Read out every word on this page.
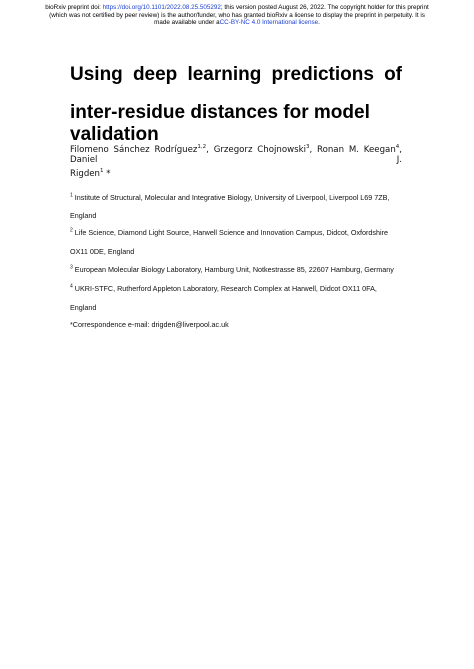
bioRxiv preprint doi: https://doi.org/10.1101/2022.08.25.505292; this version posted August 26, 2022. The copyright holder for this preprint
(which was not certified by peer review) is the author/funder, who has granted bioRxiv a license to display the preprint in perpetuity. It is
made available under aCC-BY-NC 4.0 International license.
Using deep learning predictions of
inter-residue distances for model validation
Filomeno Sánchez Rodríguez$^{1,2}$, Grzegorz Chojnowski$^3$, Ronan M. Keegan$^4$, Daniel J.
Rigden$^1$ *
$^1$ Institute of Structural, Molecular and Integrative Biology, University of Liverpool, Liverpool L69 7ZB,
England
$^2$ Life Science, Diamond Light Source, Harwell Science and Innovation Campus, Didcot, Oxfordshire
OX11 0DE, England
$^3$ European Molecular Biology Laboratory, Hamburg Unit, Notkestrasse 85, 22607 Hamburg, Germany
$^4$ UKRI-STFC, Rutherford Appleton Laboratory, Research Complex at Harwell, Didcot OX11 0FA,
England
*Correspondence e-mail: drigden@liverpool.ac.uk
